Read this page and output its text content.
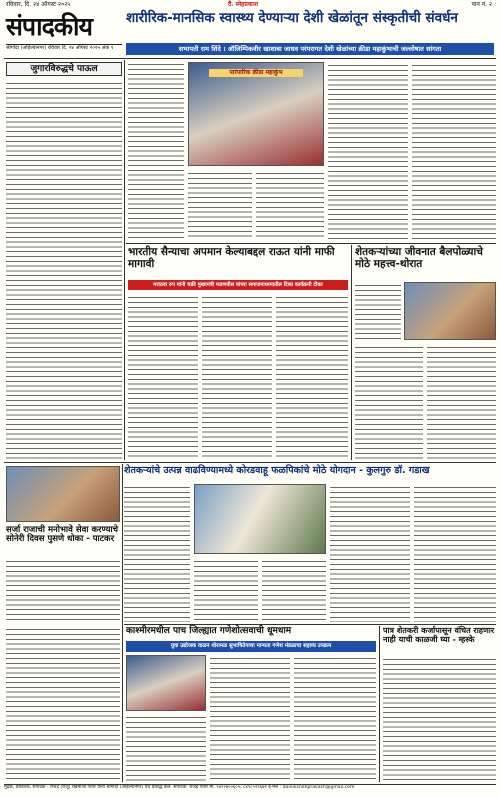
रविवार, दि. २४ ऑगस्ट २०२५	दैं. स्नेहप्रकाश	पान नं. २
संपादकीय
श्रीगोंदा (अहिल्यानगर) रविवार दि. २४ ऑगस्ट २०२५ अंक १
शारीरिक-मानसिक स्वास्थ्य देण्याऱ्या देशी खेळांतून संस्कृतीची संवर्धन
सभापती राम शिंदे । ऑलिम्पिकवीर खाशाबा जाधव परंपरागत देशी खेळांच्या क्रीडा महाकुंभाची जल्लोषात सांगता
जुगारविरुद्धचे पाऊल	पारंपारिक क्रीडा महाकुंभ
भारतीय सैन्याचा अपमान केल्याबद्दल राऊत यांनी माफी मागावी
मराठवा रुप यांनी चक्री मुख्यमंत्री फडणवीस यांच्या समाजमाध्यमातील टिका कार्यक्रमी टीका
शेतकऱ्यांच्या जीवनात बैलपोळ्याचे मोठे महत्त्व-थोरात
शेतकऱ्यांचे उत्पन्न वाढविण्यामध्ये कोरडवाहू फळपिकांचे मोठे योगदान - कुलगुरु डॉ. गडाख
सर्जा राजाची मनोभावे सेवा करण्याचे सोनेरी दिवस पुसणे धोका - पाटकर
काश्मीरमधील पाच जिल्ह्यात गणेशोत्सवाची धूमधाम
युवा उद्योजक वाळन थोरामळ सुभाषितेगव्या मान्यता गणेश मंडळाचा सहाय्य उपक्रम
पात्र शेतकरी कर्जापासून वंचित राहणार नाही याची काळजी घ्या - म्हस्के
मुद्रक, प्रकाशक, संपादक - राजेंद्र (राजू) रखमाजी पवार यांनी श्रीगोंदा (अहिल्यानगर) येथे प्रसिद्ध केले. संपादक: राजेंद्र पवार मो. ९४२२७००६०५, ८४९८५१२६७१ ई-मेल : dainiksnehprakash@gmail.com
